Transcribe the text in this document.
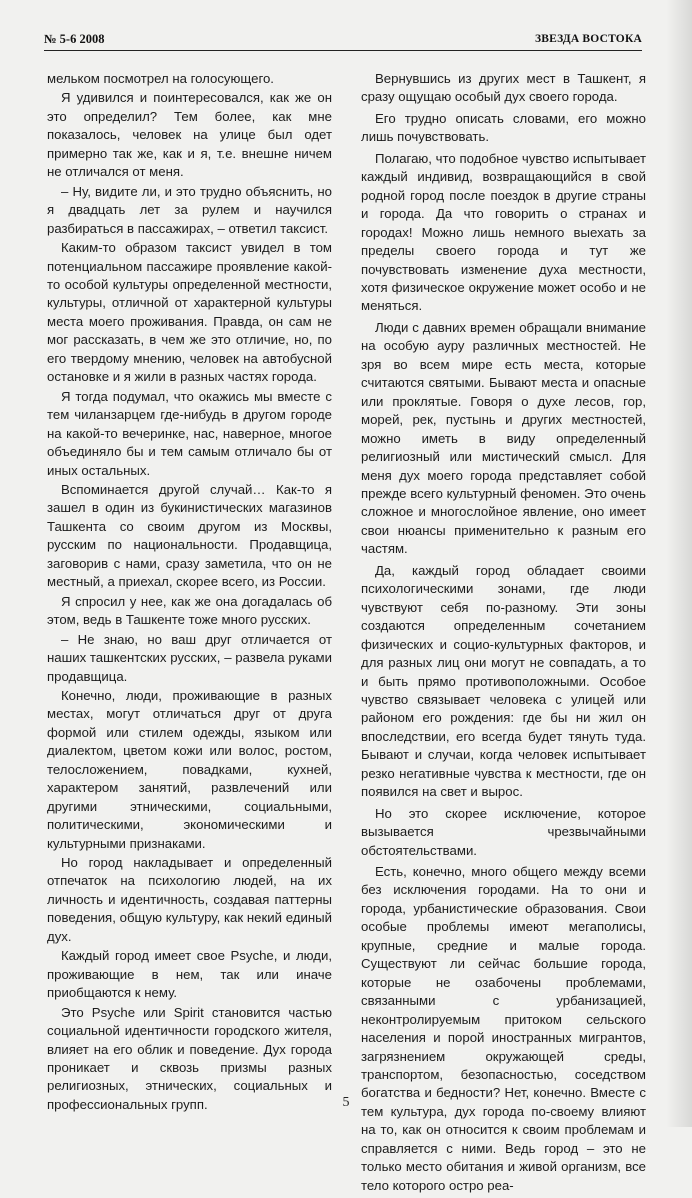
№ 5-6 2008	ЗВЕЗДА ВОСТОКА

мельком посмотрел на голосующего.

Я удивился и поинтересовался, как же он это определил? Тем более, как мне показалось, человек на улице был одет примерно так же, как и я, т.е. внешне ничем не отличался от меня.

– Ну, видите ли, и это трудно объяснить, но я двадцать лет за рулем и научился разбираться в пассажирах, – ответил таксист.

Каким-то образом таксист увидел в том потенциальном пассажире проявление какой-то особой культуры определенной местности, культуры, отличной от характерной культуры места моего проживания. Правда, он сам не мог рассказать, в чем же это отличие, но, по его твердому мнению, человек на автобусной остановке и я жили в разных частях города.

Я тогда подумал, что окажись мы вместе с тем чиланзарцем где-нибудь в другом городе на какой-то вечеринке, нас, наверное, многое объединяло бы и тем самым отличало бы от иных остальных.

Вспоминается другой случай… Как-то я зашел в один из букинистических магазинов Ташкента со своим другом из Москвы, русским по национальности. Продавщица, заговорив с нами, сразу заметила, что он не местный, а приехал, скорее всего, из России.

Я спросил у нее, как же она догадалась об этом, ведь в Ташкенте тоже много русских.

– Не знаю, но ваш друг отличается от наших ташкентских русских, – развела руками продавщица.

Конечно, люди, проживающие в разных местах, могут отличаться друг от друга формой или стилем одежды, языком или диалектом, цветом кожи или волос, ростом, телосложением, повадками, кухней, характером занятий, развлечений или другими этническими, социальными, политическими, экономическими и культурными признаками.

Но город накладывает и определенный отпечаток на психологию людей, на их личность и идентичность, создавая паттерны поведения, общую культуру, как некий единый дух.

Каждый город имеет свое Psyche, и люди, проживающие в нем, так или иначе приобщаются к нему.

Это Psyche или Spirit становится частью социальной идентичности городского жителя, влияет на его облик и поведение. Дух города проникает и сквозь призмы разных религиозных, этнических, социальных и профессиональных групп.

Вернувшись из других мест в Ташкент, я сразу ощущаю особый дух своего города.

Его трудно описать словами, его можно лишь почувствовать.

Полагаю, что подобное чувство испытывает каждый индивид, возвращающийся в свой родной город после поездок в другие страны и города. Да что говорить о странах и городах! Можно лишь немного выехать за пределы своего города и тут же почувствовать изменение духа местности, хотя физическое окружение может особо и не меняться.

Люди с давних времен обращали внимание на особую ауру различных местностей. Не зря во всем мире есть места, которые считаются святыми. Бывают места и опасные или проклятые. Говоря о духе лесов, гор, морей, рек, пустынь и других местностей, можно иметь в виду определенный религиозный или мистический смысл. Для меня дух моего города представляет собой прежде всего культурный феномен. Это очень сложное и многослойное явление, оно имеет свои нюансы применительно к разным его частям.

Да, каждый город обладает своими психологическими зонами, где люди чувствуют себя по-разному. Эти зоны создаются определенным сочетанием физических и социо-культурных факторов, и для разных лиц они могут не совпадать, а то и быть прямо противоположными. Особое чувство связывает человека с улицей или районом его рождения: где бы ни жил он впоследствии, его всегда будет тянуть туда. Бывают и случаи, когда человек испытывает резко негативные чувства к местности, где он появился на свет и вырос.

Но это скорее исключение, которое вызывается чрезвычайными обстоятельствами.

Есть, конечно, много общего между всеми без исключения городами. На то они и города, урбанистические образования. Свои особые проблемы имеют мегаполисы, крупные, средние и малые города. Существуют ли сейчас большие города, которые не озабочены проблемами, связанными с урбанизацией, неконтролируемым притоком сельского населения и порой иностранных мигрантов, загрязнением окружающей среды, транспортом, безопасностью, соседством богатства и бедности? Нет, конечно. Вместе с тем культура, дух города по-своему влияют на то, как он относится к своим проблемам и справляется с ними. Ведь город – это не только место обитания и живой организм, все тело которого остро реа-

5
